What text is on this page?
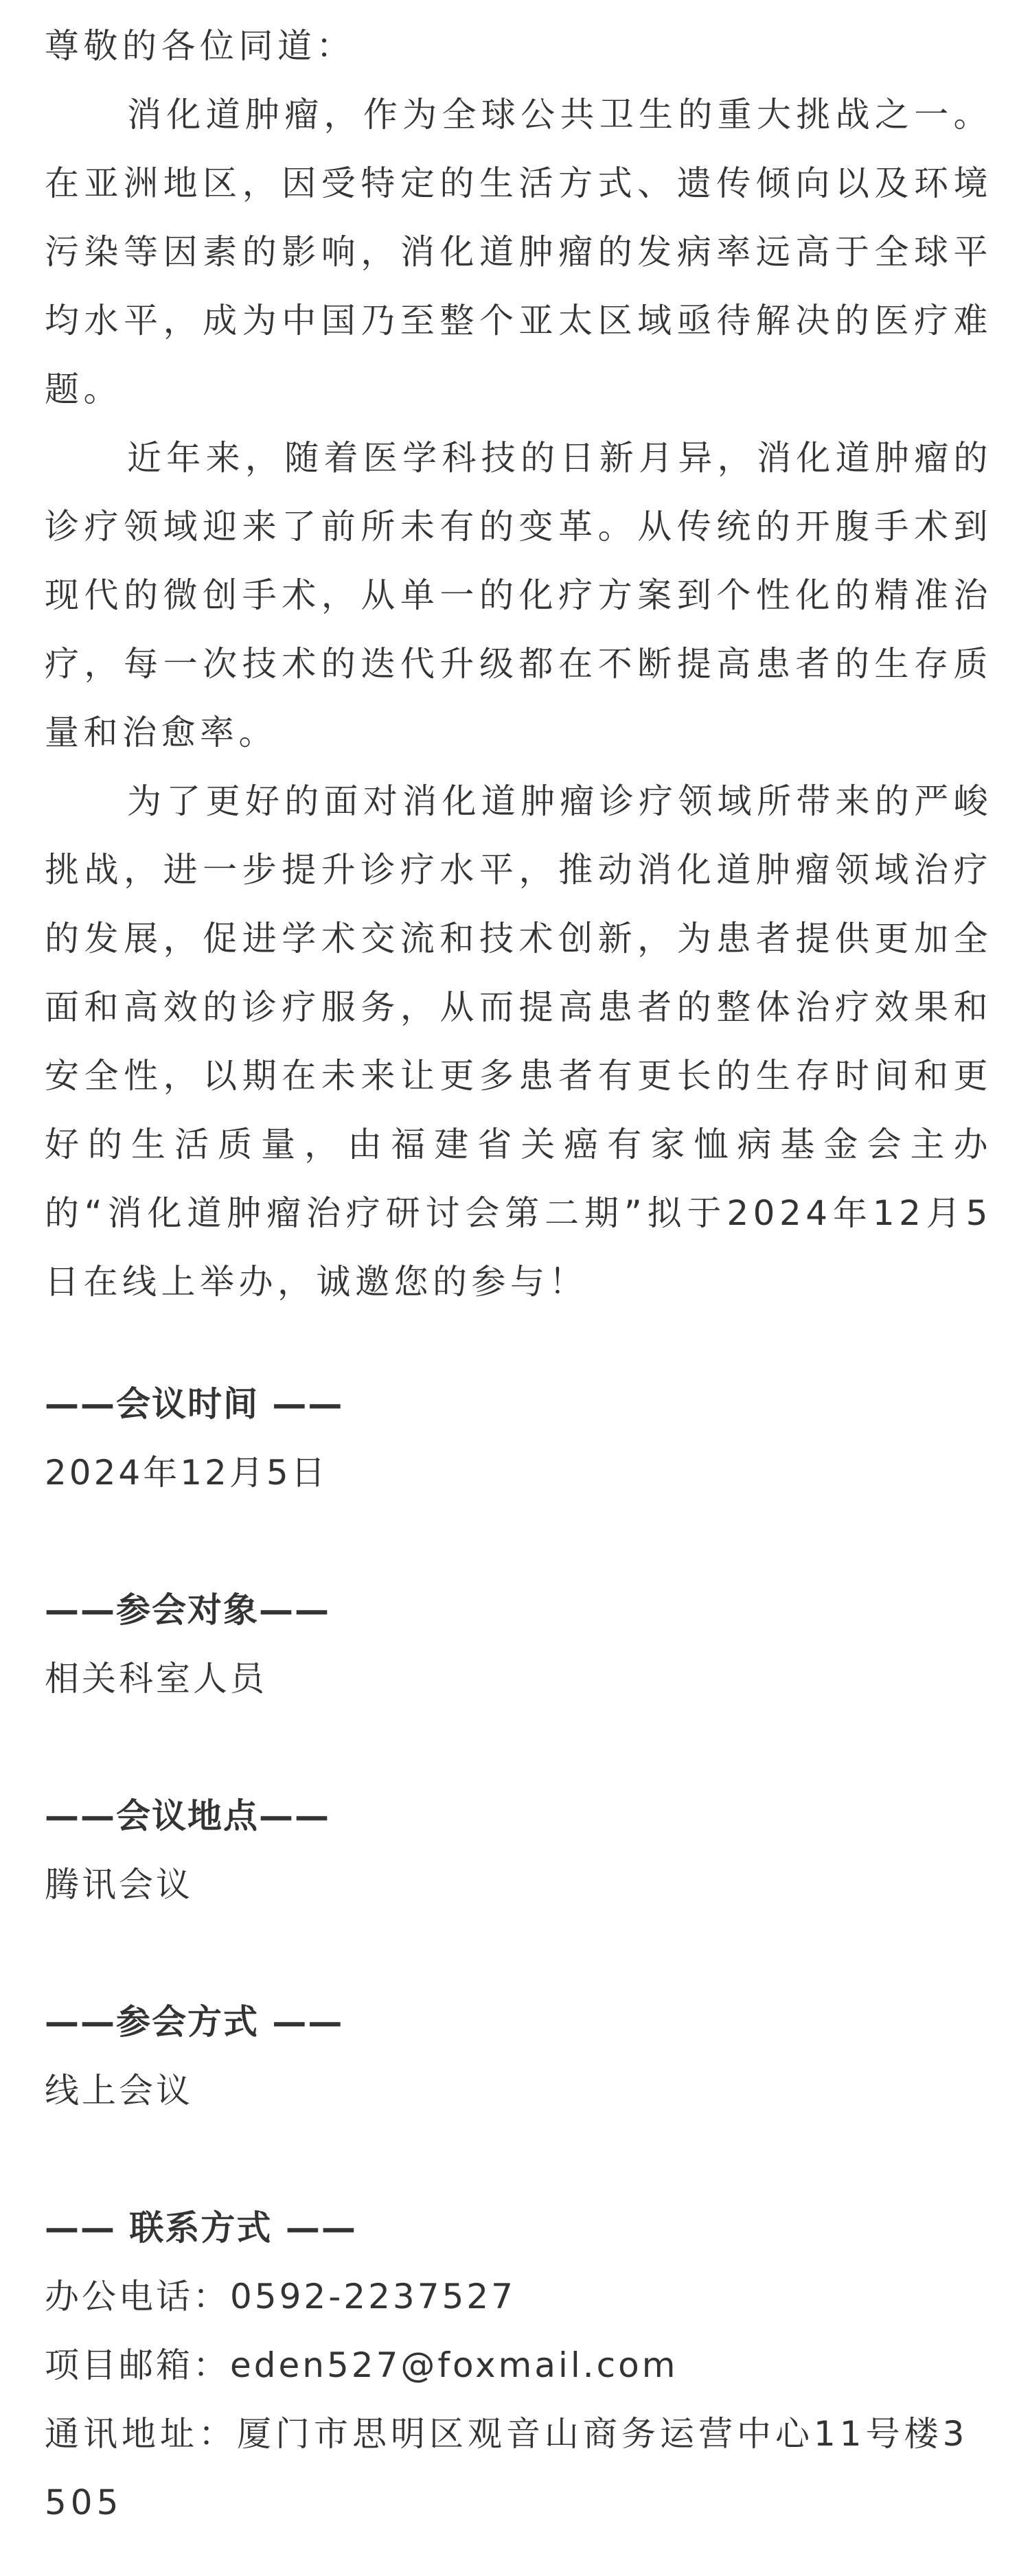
尊敬的各位同道：

消化道肿瘤，作为全球公共卫生的重大挑战之一。在亚洲地区，因受特定的生活方式、遗传倾向以及环境污染等因素的影响，消化道肿瘤的发病率远高于全球平均水平，成为中国乃至整个亚太区域亟待解决的医疗难题。

近年来，随着医学科技的日新月异，消化道肿瘤的诊疗领域迎来了前所未有的变革。从传统的开腹手术到现代的微创手术，从单一的化疗方案到个性化的精准治疗，每一次技术的迭代升级都在不断提高患者的生存质量和治愈率。

为了更好的面对消化道肿瘤诊疗领域所带来的严峻挑战，进一步提升诊疗水平，推动消化道肿瘤领域治疗的发展，促进学术交流和技术创新，为患者提供更加全面和高效的诊疗服务，从而提高患者的整体治疗效果和安全性，以期在未来让更多患者有更长的生存时间和更好的生活质量，由福建省关癌有家恤病基金会主办的“消化道肿瘤治疗研讨会第二期”拟于2024年12月5日在线上举办，诚邀您的参与！

——会议时间 ——

2024年12月5日

——参会对象——

相关科室人员

——会议地点——

腾讯会议

——参会方式 ——

线上会议

—— 联系方式 ——

办公电话：0592-2237527

项目邮箱：eden527@foxmail.com

通讯地址：厦门市思明区观音山商务运营中心11号楼3505
